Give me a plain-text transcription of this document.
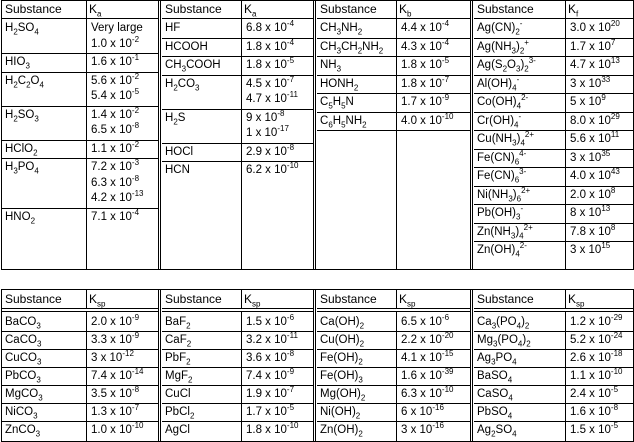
Substance $K_a$
$H_2SO_4$	Very large
1.0 x $10^{-2}$
$HIO_3$	1.6 x $10^{-1}$
$H_2C_2O_4$	5.6 x $10^{-2}$
5.4 x $10^{-5}$
$H_2SO_3$	1.4 x $10^{-2}$
6.5 x $10^{-8}$
HClO$_2$	1.1 x $10^{-2}$
$H_3PO_4$	7.2 x $10^{-3}$
6.3 x $10^{-8}$
4.2 x $10^{-13}$
$HNO_2$	7.1 x $10^{-4}$
Substance $K_a$
HF	6.8 x $10^{-4}$
HCOOH	1.8 x $10^{-4}$
$CH_3COOH$ 1.8 x $10^{-5}$
$H_2CO_3$	4.5 x $10^{-7}$
4.7 x $10^{-11}$
$H_2S$	9 x $10^{-8}$
1 x $10^{-17}$
HOCl	2.9 x $10^{-8}$
HCN	6.2 x $10^{-10}$
Substance $K_b$
$CH_3NH_2$	4.4 x $10^{-4}$
$CH_3CH_2NH_2$ 4.3 x $10^{-4}$
$NH_3$	1.8 x $10^{-5}$
$HONH_2$	1.8 x $10^{-7}$
$C_5H_5N$	1.7 x $10^{-9}$
$C_6H_5NH_2$	4.0 x $10^{-10}$
Substance	$K_f$
$Ag(CN)_2^-$	3.0 x $10^{20}$
$Ag(NH_3)_2^+$	1.7 x $10^7$
$Ag(S_2O_3)_2^{3-}$	4.7 x $10^{13}$
$Al(OH)_4^-$	3 x $10^{33}$
$Co(OH)_4^{2-}$	5 x $10^9$
$Cr(OH)_4^-$	8.0 x $10^{29}$
$Cu(NH_3)_4^{2+}$	5.6 x $10^{11}$
$Fe(CN)_6^{4-}$	3 x $10^{35}$
$Fe(CN)_6^{3-}$	4.0 x $10^{43}$
$Ni(NH_3)_6^{2+}$	2.0 x $10^8$
$Pb(OH)_3^-$	8 x $10^{13}$
$Zn(NH_3)_4^{2+}$	7.8 x $10^8$
$Zn(OH)_4^{2-}$	3 x $10^{15}$
Substance $K_{sp}$
BaCO$_3$	2.0 x $10^{-9}$
CaCO$_3$	3.3 x $10^{-9}$
CuCO$_3$	3 x $10^{-12}$
PbCO$_3$	7.4 x $10^{-14}$
MgCO$_3$	3.5 x $10^{-8}$
NiCO$_3$	1.3 x $10^{-7}$
ZnCO$_3$	1.0 x $10^{-10}$
Substance $K_{sp}$
BaF$_2$	1.5 x $10^{-6}$
CaF$_2$	3.2 x $10^{-11}$
PbF$_2$	3.6 x $10^{-8}$
MgF$_2$	7.4 x $10^{-9}$
CuCl	1.9 x $10^{-7}$
PbCl$_2$	1.7 x $10^{-5}$
AgCl	1.8 x $10^{-10}$
Substance $K_{sp}$
$Ca(OH)_2$	6.5 x $10^{-6}$
$Cu(OH)_2$	2.2 x $10^{-20}$
$Fe(OH)_2$	4.1 x $10^{-15}$
$Fe(OH)_3$	1.6 x $10^{-39}$
$Mg(OH)_2$	6.3 x $10^{-10}$
$Ni(OH)_2$	6 x $10^{-16}$
$Zn(OH)_2$	3 x $10^{-16}$
Substance	$K_{sp}$
$Ca_3(PO_4)_2$	1.2 x $10^{-29}$
$Mg_3(PO_4)_2$	5.2 x $10^{-24}$
$Ag_3PO_4$	2.6 x $10^{-18}$
BaSO$_4$	1.1 x $10^{-10}$
CaSO$_4$	2.4 x $10^{-5}$
PbSO$_4$	1.6 x $10^{-8}$
$Ag_2SO_4$	1.5 x $10^{-5}$
